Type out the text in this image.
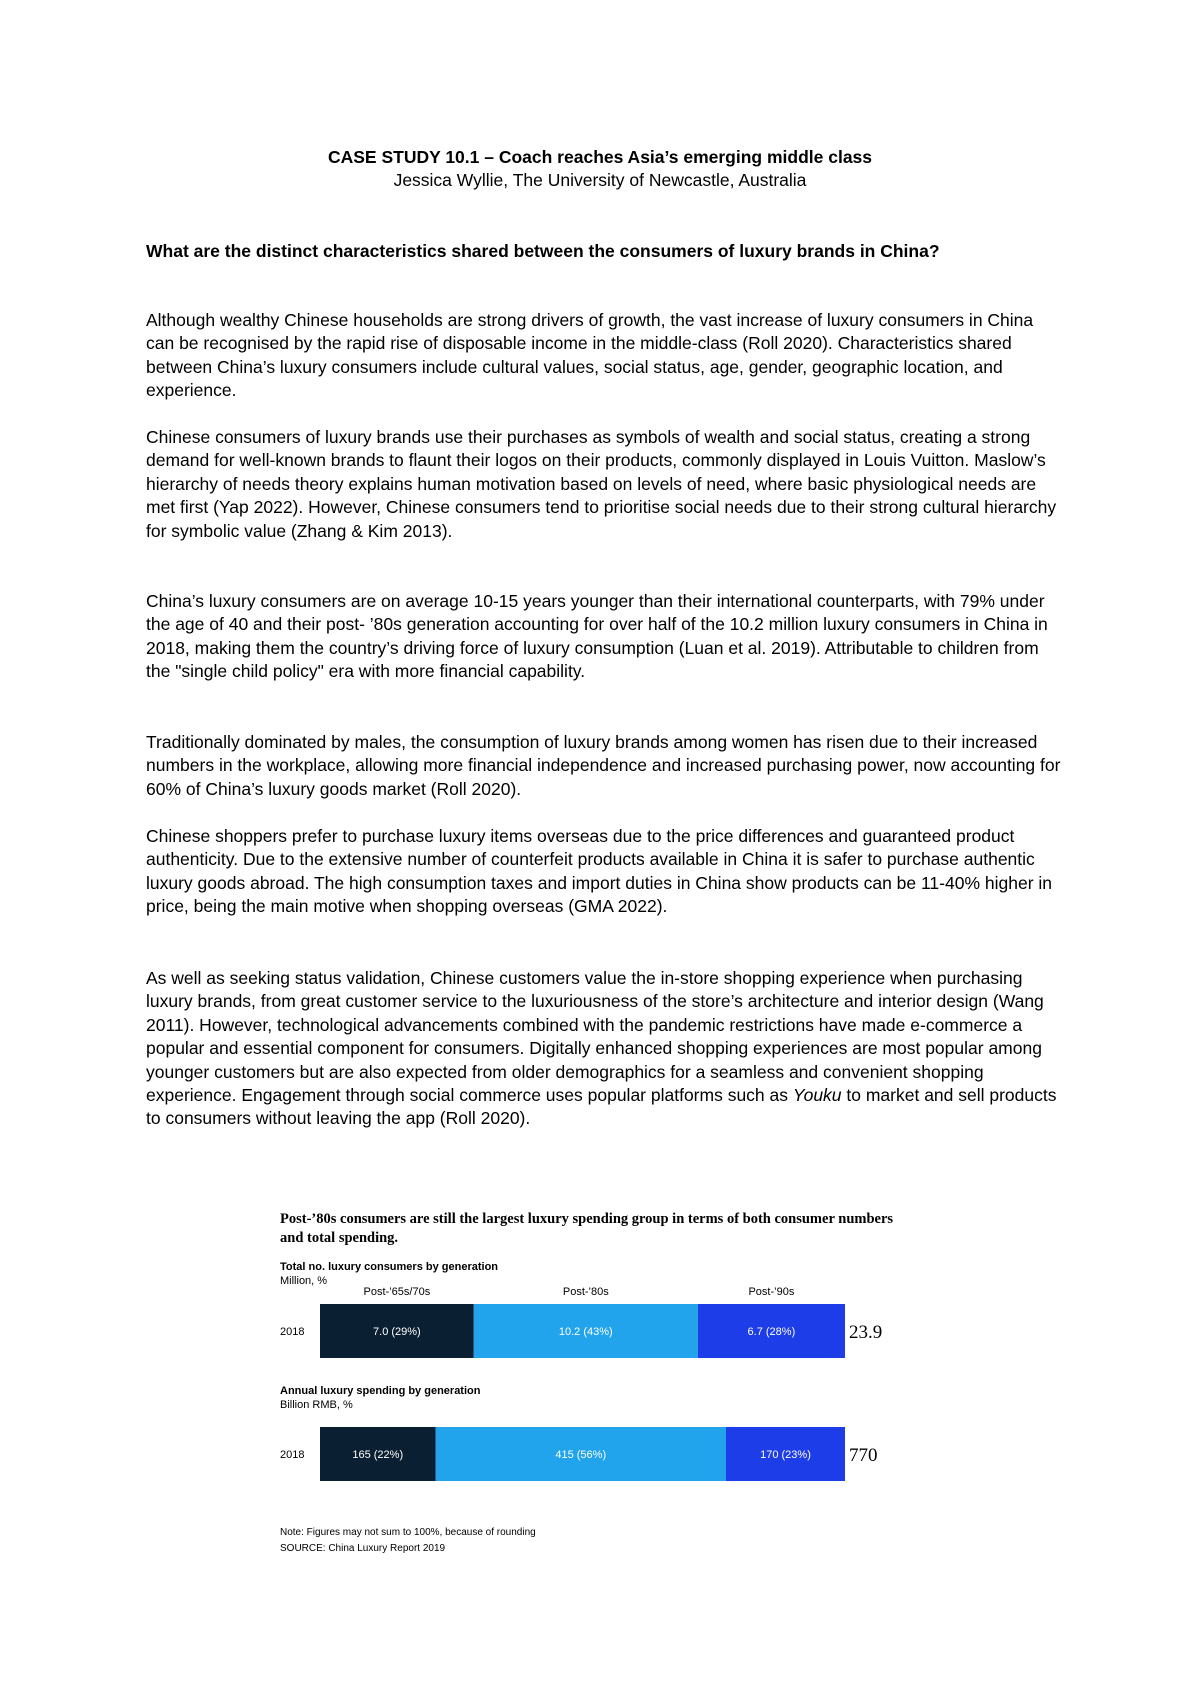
CASE STUDY 10.1 – Coach reaches Asia’s emerging middle class
Jessica Wyllie, The University of Newcastle, Australia
What are the distinct characteristics shared between the consumers of luxury brands in China?

Although wealthy Chinese households are strong drivers of growth, the vast increase of luxury consumers in China can be recognised by the rapid rise of disposable income in the middle-class (Roll 2020). Characteristics shared between China’s luxury consumers include cultural values, social status, age, gender, geographic location, and experience.

Chinese consumers of luxury brands use their purchases as symbols of wealth and social status, creating a strong demand for well-known brands to flaunt their logos on their products, commonly displayed in Louis Vuitton. Maslow’s hierarchy of needs theory explains human motivation based on levels of need, where basic physiological needs are met first (Yap 2022). However, Chinese consumers tend to prioritise social needs due to their strong cultural hierarchy for symbolic value (Zhang & Kim 2013).

China’s luxury consumers are on average 10-15 years younger than their international counterparts, with 79% under the age of 40 and their post- ’80s generation accounting for over half of the 10.2 million luxury consumers in China in 2018, making them the country’s driving force of luxury consumption (Luan et al. 2019). Attributable to children from the "single child policy" era with more financial capability.

Traditionally dominated by males, the consumption of luxury brands among women has risen due to their increased numbers in the workplace, allowing more financial independence and increased purchasing power, now accounting for 60% of China’s luxury goods market (Roll 2020).

Chinese shoppers prefer to purchase luxury items overseas due to the price differences and guaranteed product authenticity. Due to the extensive number of counterfeit products available in China it is safer to purchase authentic luxury goods abroad. The high consumption taxes and import duties in China show products can be 11-40% higher in price, being the main motive when shopping overseas (GMA 2022).

As well as seeking status validation, Chinese customers value the in-store shopping experience when purchasing luxury brands, from great customer service to the luxuriousness of the store’s architecture and interior design (Wang 2011). However, technological advancements combined with the pandemic restrictions have made e-commerce a popular and essential component for consumers. Digitally enhanced shopping experiences are most popular among younger customers but are also expected from older demographics for a seamless and convenient shopping experience. Engagement through social commerce uses popular platforms such as Youku to market and sell products to consumers without leaving the app (Roll 2020).

Post-’80s consumers are still the largest luxury spending group in terms of both consumer numbers and total spending.
Total no. luxury consumers by generation
Million, %
Annual luxury spending by generation
Billion RMB, %
7.0 (29%)
Post-’65s/70s
10.2 (43%)
Post-’80s
6.7 (28%)
Post-’90s
2018	23.9
165 (22%)	415 (56%)	170 (23%)
2018	770
Note: Figures may not sum to 100%, because of rounding
SOURCE: China Luxury Report 2019
